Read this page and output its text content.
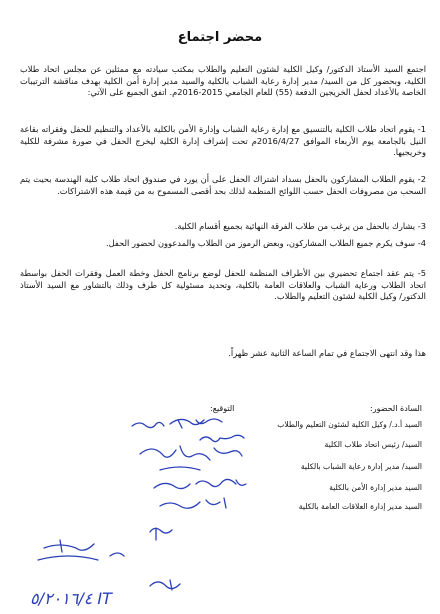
محضر اجتماع
اجتمع السيد الأستاذ الدكتور/ وكيل الكلية لشئون التعليم والطلاب بمكتب سيادته مع ممثلين عن مجلس اتحاد طلاب الكلية، وبحضور كل من السيد/ مدير إدارة رعاية الشباب بالكلية والسيد مدير إدارة أمن الكلية بهدف مناقشة الترتيبات الخاصة بالأعداد لحفل الخريجين الدفعة (55) للعام الجامعي 2015-2016م. اتفق الجميع على الآتي:
1- يقوم اتحاد طلاب الكلية بالتنسيق مع إدارة رعاية الشباب وإدارة الأمن بالكلية بالأعداد والتنظيم للحفل وفقراته بقاعة النيل بالجامعة يوم الأربعاء الموافق 2016/4/27م تحت إشراف إدارة الكلية ليخرج الحفل في صورة مشرفة للكلية وخريجيها.
2- يقوم الطلاب المشاركون بالحفل بسداد اشتراك الحفل على أن يورد في صندوق اتحاد طلاب كلية الهندسة بحيث يتم السحب من مصروفات الحفل حسب اللوائح المنظمة لذلك بحد أقصى المسموح به من قيمة هذه الاشتراكات.
3- يشارك بالحفل من يرغب من طلاب الفرقة النهائية بجميع أقسام الكلية.
4- سوف يكرم جميع الطلاب المشاركون، وبعض الرموز من الطلاب والمدعوون لحضور الحفل.
5- يتم عقد اجتماع تحضيري بين الأطراف المنظمة للحفل لوضع برنامج الحفل وخطة العمل وفقرات الحفل بواسطة اتحاد الطلاب ورعاية الشباب والعلاقات العامة بالكلية، وتحديد مسئولية كل طرف وذلك بالتشاور مع السيد الأستاذ الدكتور/ وكيل الكلية لشئون التعليم والطلاب.
هذا وقد انتهى الاجتماع في تمام الساعة الثانية عشر ظهراً.
السادة الحضور:
التوقيع:
السيد أ.د./ وكيل الكلية لشئون التعليم والطلاب
السيد/ رئيس اتحاد طلاب الكلية
السيد/ مدير إدارة رعاية الشباب بالكلية
السيد مدير إدارة الأمن بالكلية
السيد مدير إدارة العلاقات العامة بالكلية
٥/٢٠١٦/٤ IT
